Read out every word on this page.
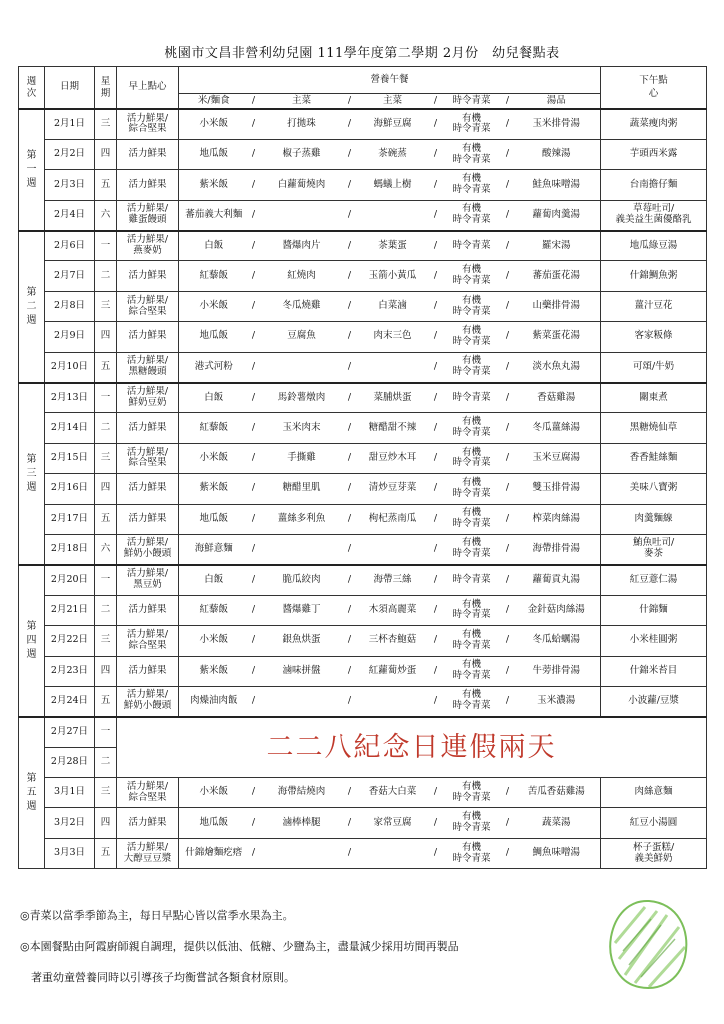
桃園市文昌非營利幼兒園 111學年度第二學期 2月份　幼兒餐點表
週次	日期	星期	早上點心	營養午餐									下午點心

				米/麵食	/	主菜	/	主菜	/	時令青菜	/	湯品	

第
一
週	2月1日	三	活力鮮果/
綜合堅果	小米飯	/	打拋珠	/	海鮮豆腐	/	有機
時令青菜	/	玉米排骨湯	蔬菜瘦肉粥
	2月2日	四	活力鮮果	地瓜飯	/	椒子蒸雞	/	茶碗蒸	/	有機
時令青菜	/	酸辣湯	芋頭西米露
	2月3日	五	活力鮮果	紫米飯	/	白蘿蔔燒肉	/	螞蟻上樹	/	有機
時令青菜	/	鮭魚味噌湯	台南擔仔麵
	2月4日	六	活力鮮果/
雞蛋饅頭	蕃茄義大利麵	/		/		/	有機
時令青菜	/	蘿蔔肉羹湯	草莓吐司/
義美益生菌優酪乳

第
二
週	2月6日	一	活力鮮果/
燕麥奶	白飯	/	醬爆肉片	/	茶葉蛋	/	時令青菜	/	羅宋湯	地瓜綠豆湯
	2月7日	二	活力鮮果	紅藜飯	/	紅燒肉	/	玉箭小黃瓜	/	有機
時令青菜	/	蕃茄蛋花湯	什錦鯛魚粥
	2月8日	三	活力鮮果/
綜合堅果	小米飯	/	冬瓜燒雞	/	白菜滷	/	有機
時令青菜	/	山藥排骨湯	薑汁豆花
	2月9日	四	活力鮮果	地瓜飯	/	豆腐魚	/	肉末三色	/	有機
時令青菜	/	紫菜蛋花湯	客家粄條
	2月10日	五	活力鮮果/
黑糖饅頭	港式河粉	/		/		/	有機
時令青菜	/	淡水魚丸湯	可頌/牛奶

第
三
週	2月13日	一	活力鮮果/
鮮奶豆奶	白飯	/	馬鈴薯燉肉	/	菜脯烘蛋	/	時令青菜	/	香菇雞湯	關東煮
	2月14日	二	活力鮮果	紅藜飯	/	玉米肉末	/	糖醋甜不辣	/	有機
時令青菜	/	冬瓜薑絲湯	黑糖燒仙草
	2月15日	三	活力鮮果/
綜合堅果	小米飯	/	手撕雞	/	甜豆炒木耳	/	有機
時令青菜	/	玉米豆腐湯	香香鮭絲麵
	2月16日	四	活力鮮果	紫米飯	/	糖醋里肌	/	清炒豆芽菜	/	有機
時令青菜	/	雙玉排骨湯	美味八寶粥
	2月17日	五	活力鮮果	地瓜飯	/	薑絲多利魚	/	枸杞蒸南瓜	/	有機
時令青菜	/	榨菜肉絲湯	肉羹麵線
	2月18日	六	活力鮮果/
鮮奶小饅頭	海鮮意麵	/		/		/	有機
時令青菜	/	海帶排骨湯	鮪魚吐司/
麥茶

第
四
週	2月20日	一	活力鮮果/
黑豆奶	白飯	/	脆瓜絞肉	/	海帶三絲	/	時令青菜	/	蘿蔔貢丸湯	紅豆薏仁湯
	2月21日	二	活力鮮果	紅藜飯	/	醬爆雞丁	/	木須高麗菜	/	有機
時令青菜	/	金針菇肉絲湯	什錦麵
	2月22日	三	活力鮮果/
綜合堅果	小米飯	/	銀魚烘蛋	/	三杯杏鮑菇	/	有機
時令青菜	/	冬瓜蛤蠣湯	小米桂圓粥
	2月23日	四	活力鮮果	紫米飯	/	滷味拼盤	/	紅蘿蔔炒蛋	/	有機
時令青菜	/	牛蒡排骨湯	什錦米苔目
	2月24日	五	活力鮮果/
鮮奶小饅頭	肉燥油肉飯	/		/		/	有機
時令青菜	/	玉米濃湯	小波蘿/豆漿

第
五
週	2月27日	一	二二八紀念日連假兩天										
	2月28日	二											
	3月1日	三	活力鮮果/
綜合堅果	小米飯	/	海帶結燒肉	/	香菇大白菜	/	有機
時令青菜	/	苦瓜香菇雞湯	肉絲意麵
	3月2日	四	活力鮮果	地瓜飯	/	滷棒棒腿	/	家常豆腐	/	有機
時令青菜	/	蔬菜湯	紅豆小湯圓
	3月3日	五	活力鮮果/
大醇豆豆漿	什錦燴麵疙瘩	/		/		/	有機
時令青菜	/	鯛魚味噌湯	杯子蛋糕/
義美鮮奶
◎青菜以當季季節為主，每日早點心皆以當季水果為主。
◎本園餐點由阿霞廚師親自調理，提供以低油、低糖、少鹽為主，盡量減少採用坊間再製品
　著重幼童營養同時以引導孩子均衡嘗試各類食材原則。
